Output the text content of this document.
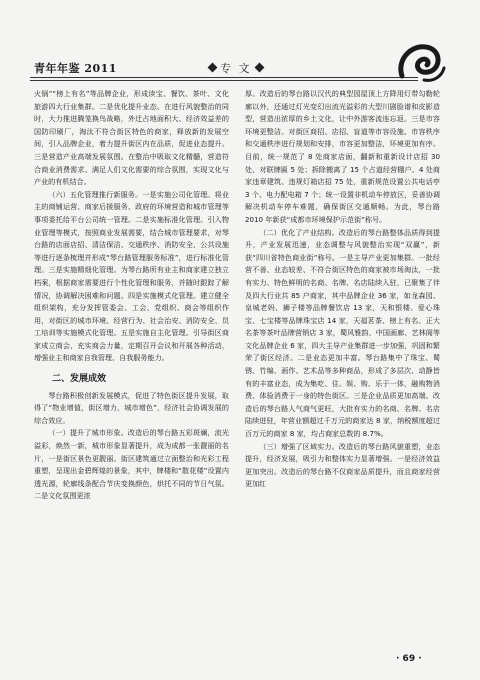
青年年鉴 2011	专 文

火锅”“榜上有名”等品牌企业，形成读宝、餐饮、茶叶、文化旅游四大行业集群。二是优化提升业态。在进行风貌整治的同时，大力推进腾笼换鸟战略，外迁占地面积大、经济效益差的国防印刷厂，淘汰不符合街区特色的商家，释放新的发展空间，引入品牌企业，着力提升街区内在品质，促进业态提升。三是营造产业高端发展氛围。在整治中吸取文化精髓，营造符合商业消费需求、满足人们文化需要的综合氛围，实现文化与产业的有机结合。

（六）五化管理推行新服务。一是实施公司化管理。将业主的商铺运营、商家后援服务、政府的环境营造和城市管理等事项委托给平台公司统一管理。二是实施标准化管理。引入物业管理等模式，按照商业发展需要，结合城市管理要求，对琴台路的店面店招、清洁保洁、交通秩序、消防安全、公共设施等进行逐条梳理并形成“琴台路管理服务标准”，进行标准化管理。三是实施精细化管理。为琴台路所有业主和商家建立独立档案，根据商家需要进行个性化管理和服务，并随时跟踪了解情况，协调解决困难和问题。四是实施模式化管理。建立健全组织架构，充分发挥管委会、工会、党组织、商会等组织作用，对街区的城市环境、经营行为、社会治安、消防安全、员工培训等实施模式化管理。五是实施自主化管理。引导街区商家成立商会，充实商会力量，定期召开会议和开展各种活动，增强业主和商家自我管理、自我服务能力。

二、发展成效

琴台路积极创新发展模式，促进了特色街区提升发展，取得了“物业增值，街区增力，城市增色”，经济社会协调发展的综合效应。

（一）提升了城市形象。改造后的琴台路五彩斑斓，流光溢彩，焕然一新，城市形象显著提升，成为成都一张靓丽的名片，一是街区景色更靓丽。街区建筑通过立面整治和光彩工程重塑，呈现出金碧辉煌的景象，其中，牌楼和“散花楼”设置内透光源，轮廓线条配合节庆变换颜色，烘托不同的节日气氛。二是文化氛围更浓

厚。改造后的琴台路以汉代的典型园屋顶上方降用灯带勾勒轮廓以外，还通过灯光变幻出流光溢彩的大型川剧脸谱和皮影造型，营造出浓厚的乡土文化，让中外游客流连忘返。三是市容环境更整洁。对街区商招、店招、盲道等市容设施、市容秩序和交通秩序进行规划和安排，市容更加整洁，环境更加有序。目前，统一规范了 8 处商家店面，翻新和重新设计店招 30 处、对联牌匾 5 处；拆除搬离了 15 个占道经营棚户、4 处商家违章建筑、违规灯箱店招 75 处，重新规范设置公共电话亭 3 个、电力配电箱 7 个；统一设置非机动车停放区，妥善协调解决机动车停车难题，确保街区交通顺畅。为此，琴台路 2010 年新获“成都市环境保护示范街”称号。

（二）优化了产业结构。改造后的琴台路整体品质得到提升，产业发展迅速，业态调整与风貌整治实现“双赢”，新获“四川省特色商业街”称号。一是主导产业更加集群。一批经营不善、业态较差、不符合街区特色的商家被市场淘汰，一批有实力、特色鲜明的名商、名牌、名店陆续入驻，已聚集了伴及四大行业共 85 户商家，其中品牌企业 36 家，如龙森园、皇城老妈、狮子楼等品牌餐饮店 13 家，天和银楼、爱心珠宝、七宝楼等品牌珠宝店 14 家，天福茗茶、榜上有名、正大名茶等茶叶品牌营销店 3 家，蜀风雅韵、中国画廊、艺林阁等文化品牌企业 6 家，四大主导产业集群进一步加强，巩固和繁荣了街区经济。二是业态更加丰富。琴台路集中了珠宝、蜀锈、竹编、画作、艺术品等多种商品，形成了多层次、动静皆有的丰富业态，成为集吃、住、娱、购、乐于一体，融购物消费、体验消费于一身的特色街区。三是企业品质更加高端。改造后的琴台路人气商气更旺，大批有实力的名商、名牌、名店陆续进驻，年营业额超过千万元的商家达 8 家，纳税额度超过百万元的商家 8 家，均占商家总数的 8.7%。

（三）增强了区域实力。改造后的琴台路风貌重塑，业态提升，经济发展，吸引力和整体实力显著增强。一是经济效益更加突出。改造后的琴台路不仅商家品质提升，而且商家经营更加红

· 69 ·
